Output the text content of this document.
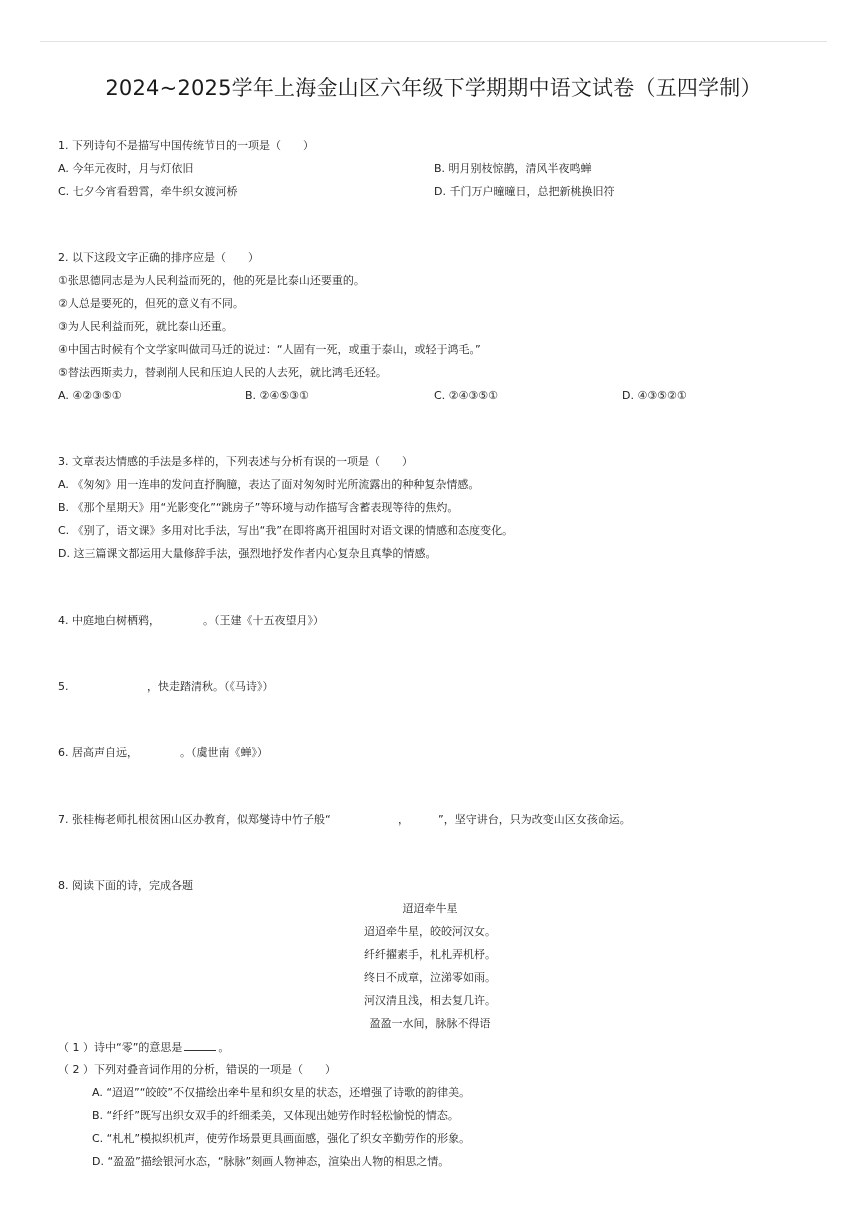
2024~2025学年上海金山区六年级下学期期中语文试卷（五四学制）
1. 下列诗句不是描写中国传统节日的一项是（　　）
A. 今年元夜时，月与灯依旧	B. 明月别枝惊鹊，清风半夜鸣蝉
C. 七夕今宵看碧霄，牵牛织女渡河桥	D. 千门万户曈曈日，总把新桃换旧符
2. 以下这段文字正确的排序应是（　　）
①张思德同志是为人民利益而死的，他的死是比泰山还要重的。
②人总是要死的，但死的意义有不同。
③为人民利益而死，就比泰山还重。
④中国古时候有个文学家叫做司马迁的说过：“人固有一死，或重于泰山，或轻于鸿毛。”
⑤替法西斯卖力，替剥削人民和压迫人民的人去死，就比鸿毛还轻。
A. ④②③⑤①	B. ②④⑤③①	C. ②④③⑤①	D. ④③⑤②①
3. 文章表达情感的手法是多样的，下列表述与分析有误的一项是（　　）
A. 《匆匆》用一连串的发问直抒胸臆，表达了面对匆匆时光所流露出的种种复杂情感。
B. 《那个星期天》用“光影变化”“跳房子”等环境与动作描写含蓄表现等待的焦灼。
C. 《别了，语文课》多用对比手法，写出“我”在即将离开祖国时对语文课的情感和态度变化。
D. 这三篇课文都运用大量修辞手法，强烈地抒发作者内心复杂且真挚的情感。
4. 中庭地白树栖鸦，	。（王建《十五夜望月》）
5.	，快走踏清秋。（《马诗》）
6. 居高声自远，	。（虞世南《蝉》）
7. 张桂梅老师扎根贫困山区办教育，似郑燮诗中竹子般“	，	”，坚守讲台，只为改变山区女孩命运。
8. 阅读下面的诗，完成各题
迢迢牵牛星
迢迢牵牛星，皎皎河汉女。
纤纤擢素手，札札弄机杼。
终日不成章，泣涕零如雨。
河汉清且浅，相去复几许。
盈盈一水间，脉脉不得语
（ 1 ）诗中“零”的意思是	。
（ 2 ）下列对叠音词作用的分析，错误的一项是（　　）
A. “迢迢”“皎皎”不仅描绘出牵牛星和织女星的状态，还增强了诗歌的韵律美。
B. “纤纤”既写出织女双手的纤细柔美，又体现出她劳作时轻松愉悦的情态。
C. “札札”模拟织机声，使劳作场景更具画面感，强化了织女辛勤劳作的形象。
D. “盈盈”描绘银河水态，“脉脉”刻画人物神态，渲染出人物的相思之情。
